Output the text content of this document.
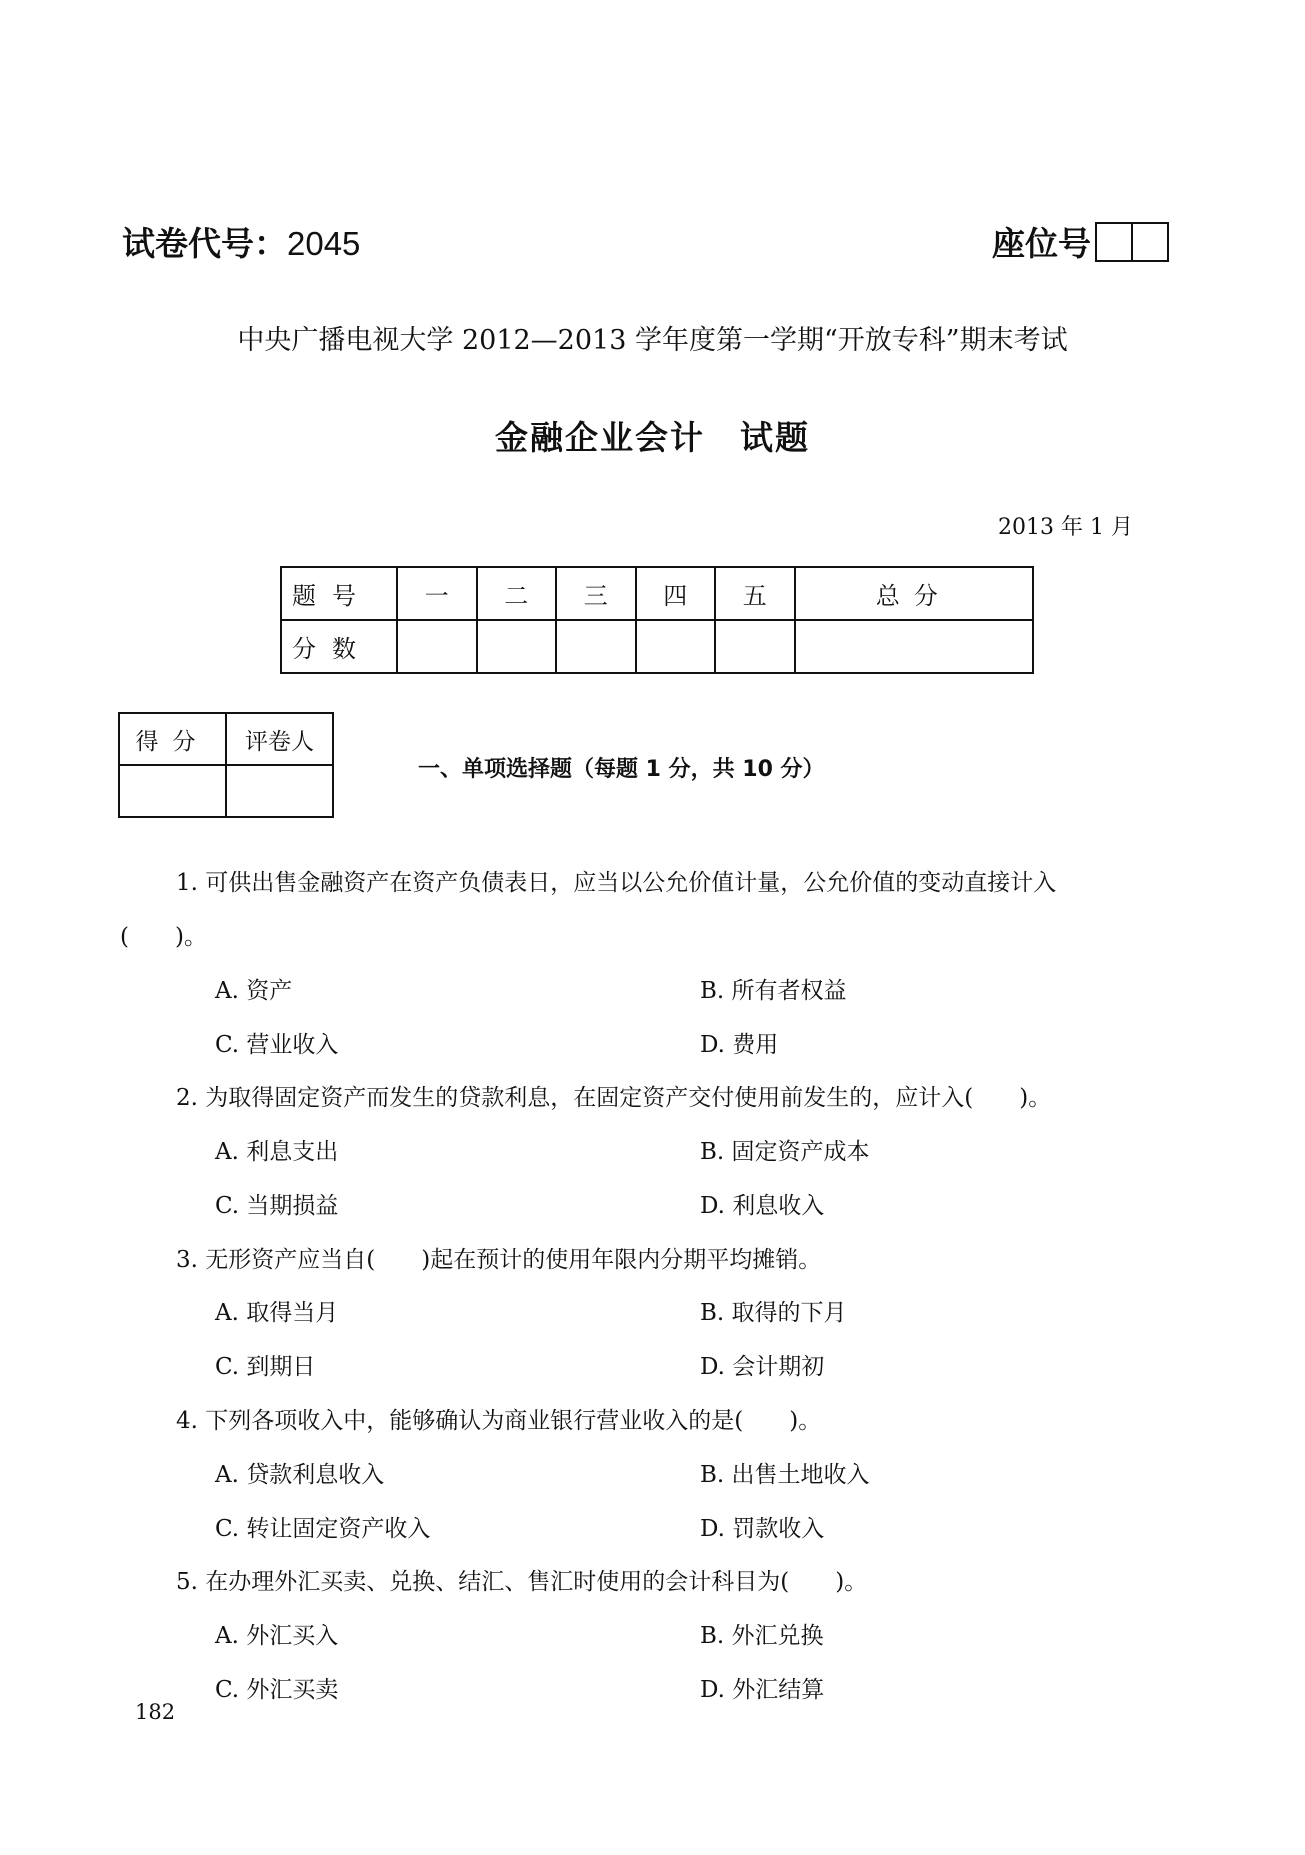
试卷代号：2045	座位号
中央广播电视大学 2012—2013 学年度第一学期“开放专科”期末考试
金融企业会计　试题
2013 年 1 月
题号	一	二	三	四	五	总分
分数						
得分	评卷人

一、单项选择题（每题 1 分，共 10 分）
1. 可供出售金融资产在资产负债表日，应当以公允价值计量，公允价值的变动直接计入
(　　)。
A. 资产	B. 所有者权益
C. 营业收入	D. 费用
2. 为取得固定资产而发生的贷款利息，在固定资产交付使用前发生的，应计入(　　)。
A. 利息支出	B. 固定资产成本
C. 当期损益	D. 利息收入
3. 无形资产应当自(　　)起在预计的使用年限内分期平均摊销。
A. 取得当月	B. 取得的下月
C. 到期日	D. 会计期初
4. 下列各项收入中，能够确认为商业银行营业收入的是(　　)。
A. 贷款利息收入	B. 出售土地收入
C. 转让固定资产收入	D. 罚款收入
5. 在办理外汇买卖、兑换、结汇、售汇时使用的会计科目为(　　)。
A. 外汇买入	B. 外汇兑换
C. 外汇买卖	D. 外汇结算
182
